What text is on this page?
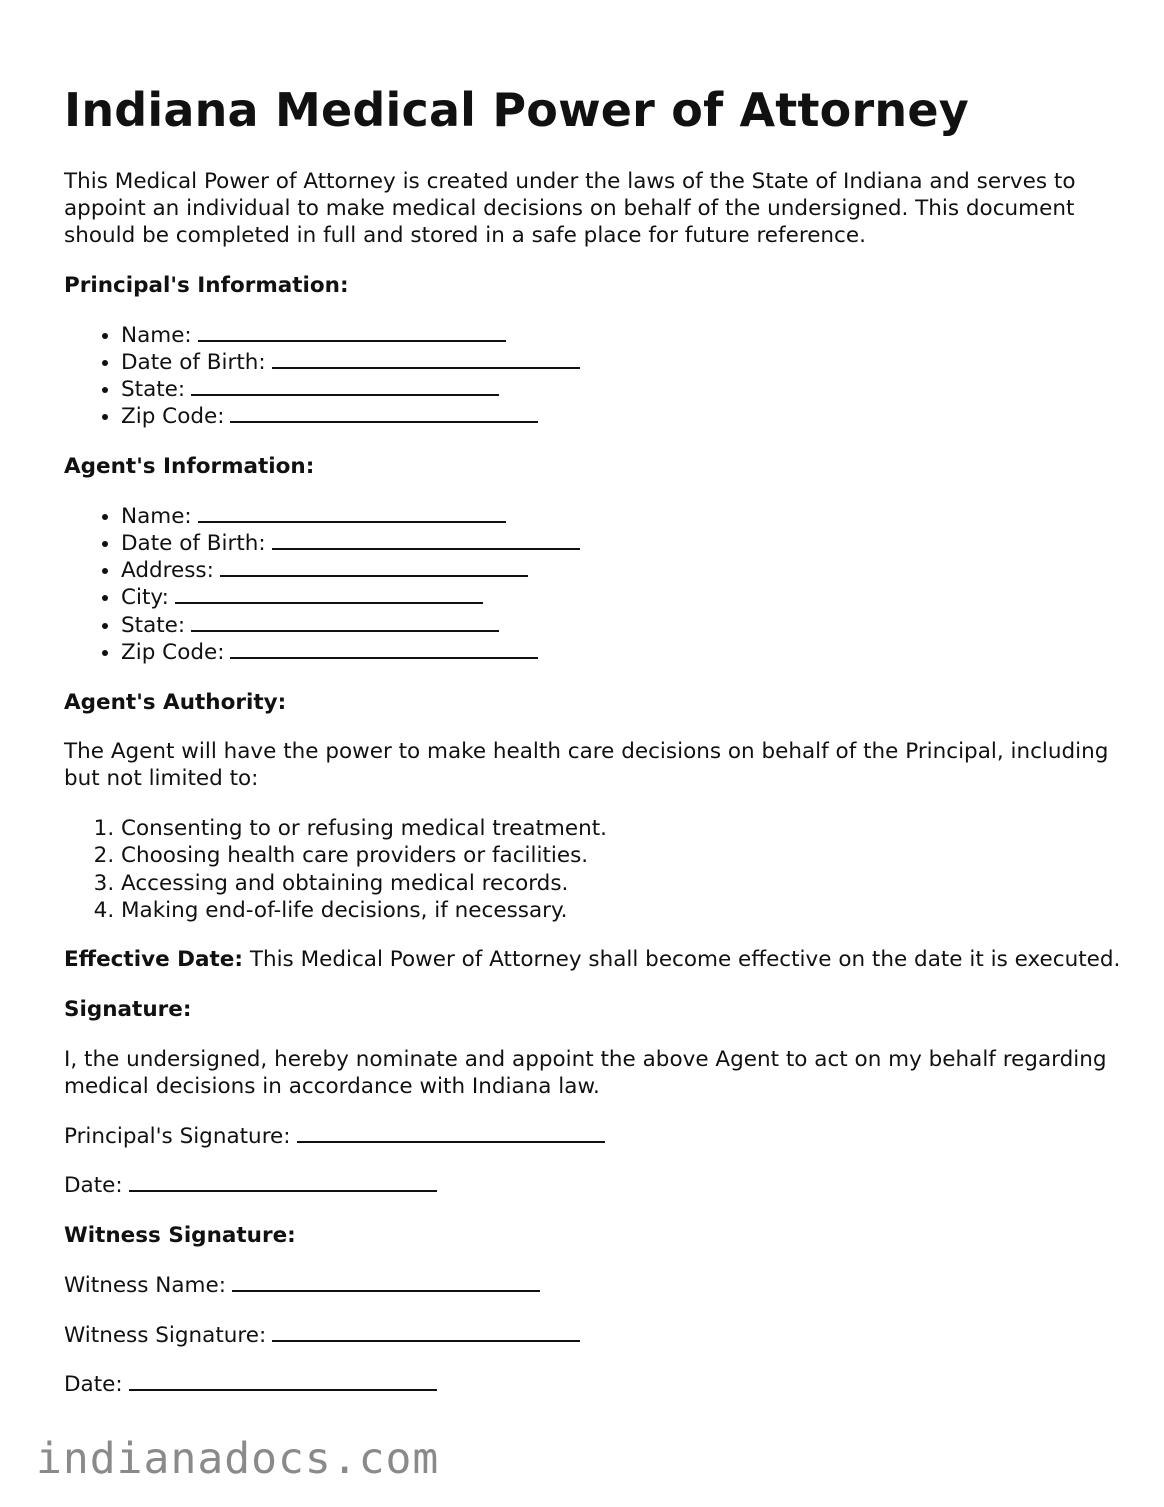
Indiana Medical Power of Attorney

This Medical Power of Attorney is created under the laws of the State of Indiana and serves to appoint an individual to make medical decisions on behalf of the undersigned. This document should be completed in full and stored in a safe place for future reference.

Principal's Information:

• Name:
• Date of Birth:
• State:
• Zip Code:

Agent's Information:

• Name:
• Date of Birth:
• Address:
• City:
• State:
• Zip Code:

Agent's Authority:

The Agent will have the power to make health care decisions on behalf of the Principal, including but not limited to:

1. Consenting to or refusing medical treatment.
2. Choosing health care providers or facilities.
3. Accessing and obtaining medical records.
4. Making end-of-life decisions, if necessary.

Effective Date: This Medical Power of Attorney shall become effective on the date it is executed.

Signature:

I, the undersigned, hereby nominate and appoint the above Agent to act on my behalf regarding medical decisions in accordance with Indiana law.

Principal's Signature:

Date:

Witness Signature:

Witness Name:

Witness Signature:

Date:

indianadocs.com
